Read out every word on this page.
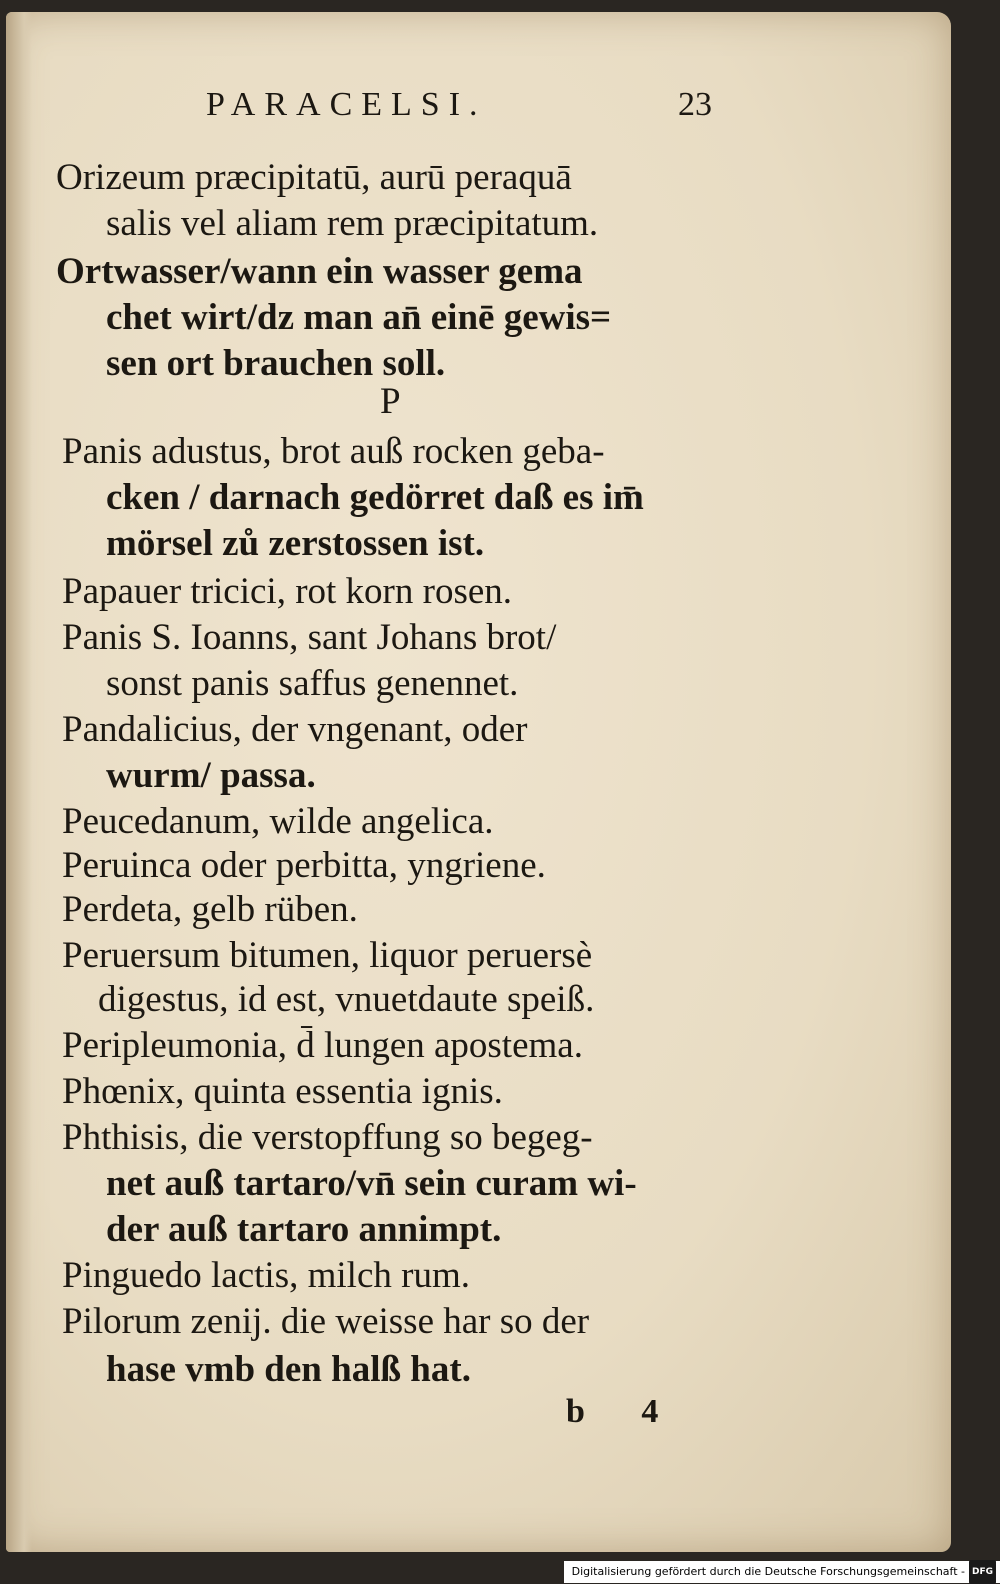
PARACELSI.	23
Orizeum præcipitatū, aurū peraquā
salis vel aliam rem præcipitatum.
Ortwasser/wann ein wasser gema
chet wirt/dz man an̄ einē gewis=
sen ort brauchen soll.
P
Panis adustus, brot auß rocken geba-
cken / darnach gedörret daß es im̄
mörsel zů zerstossen ist.
Papauer tricici, rot korn rosen.
Panis S. Ioanns, sant Johans brot/
sonst panis saffus genennet.
Pandalicius, der vngenant, oder
wurm/ passa.
Peucedanum, wilde angelica.
Peruinca oder perbitta, yngriene.
Perdeta, gelb rüben.
Peruersum bitumen, liquor peruersè
digestus, id est, vnuetdaute speiß.
Peripleumonia, d̄ lungen apostema.
Phœnix, quinta essentia ignis.
Phthisis, die verstopffung so begeg-
net auß tartaro/vn̄ sein curam wi-
der auß tartaro annimpt.
Pinguedo lactis, milch rum.
Pilorum zenij. die weisse har so der
hase vmb den halß hat.
b 4
Digitalisierung gefördert durch die Deutsche Forschungsgemeinschaft - DFG
